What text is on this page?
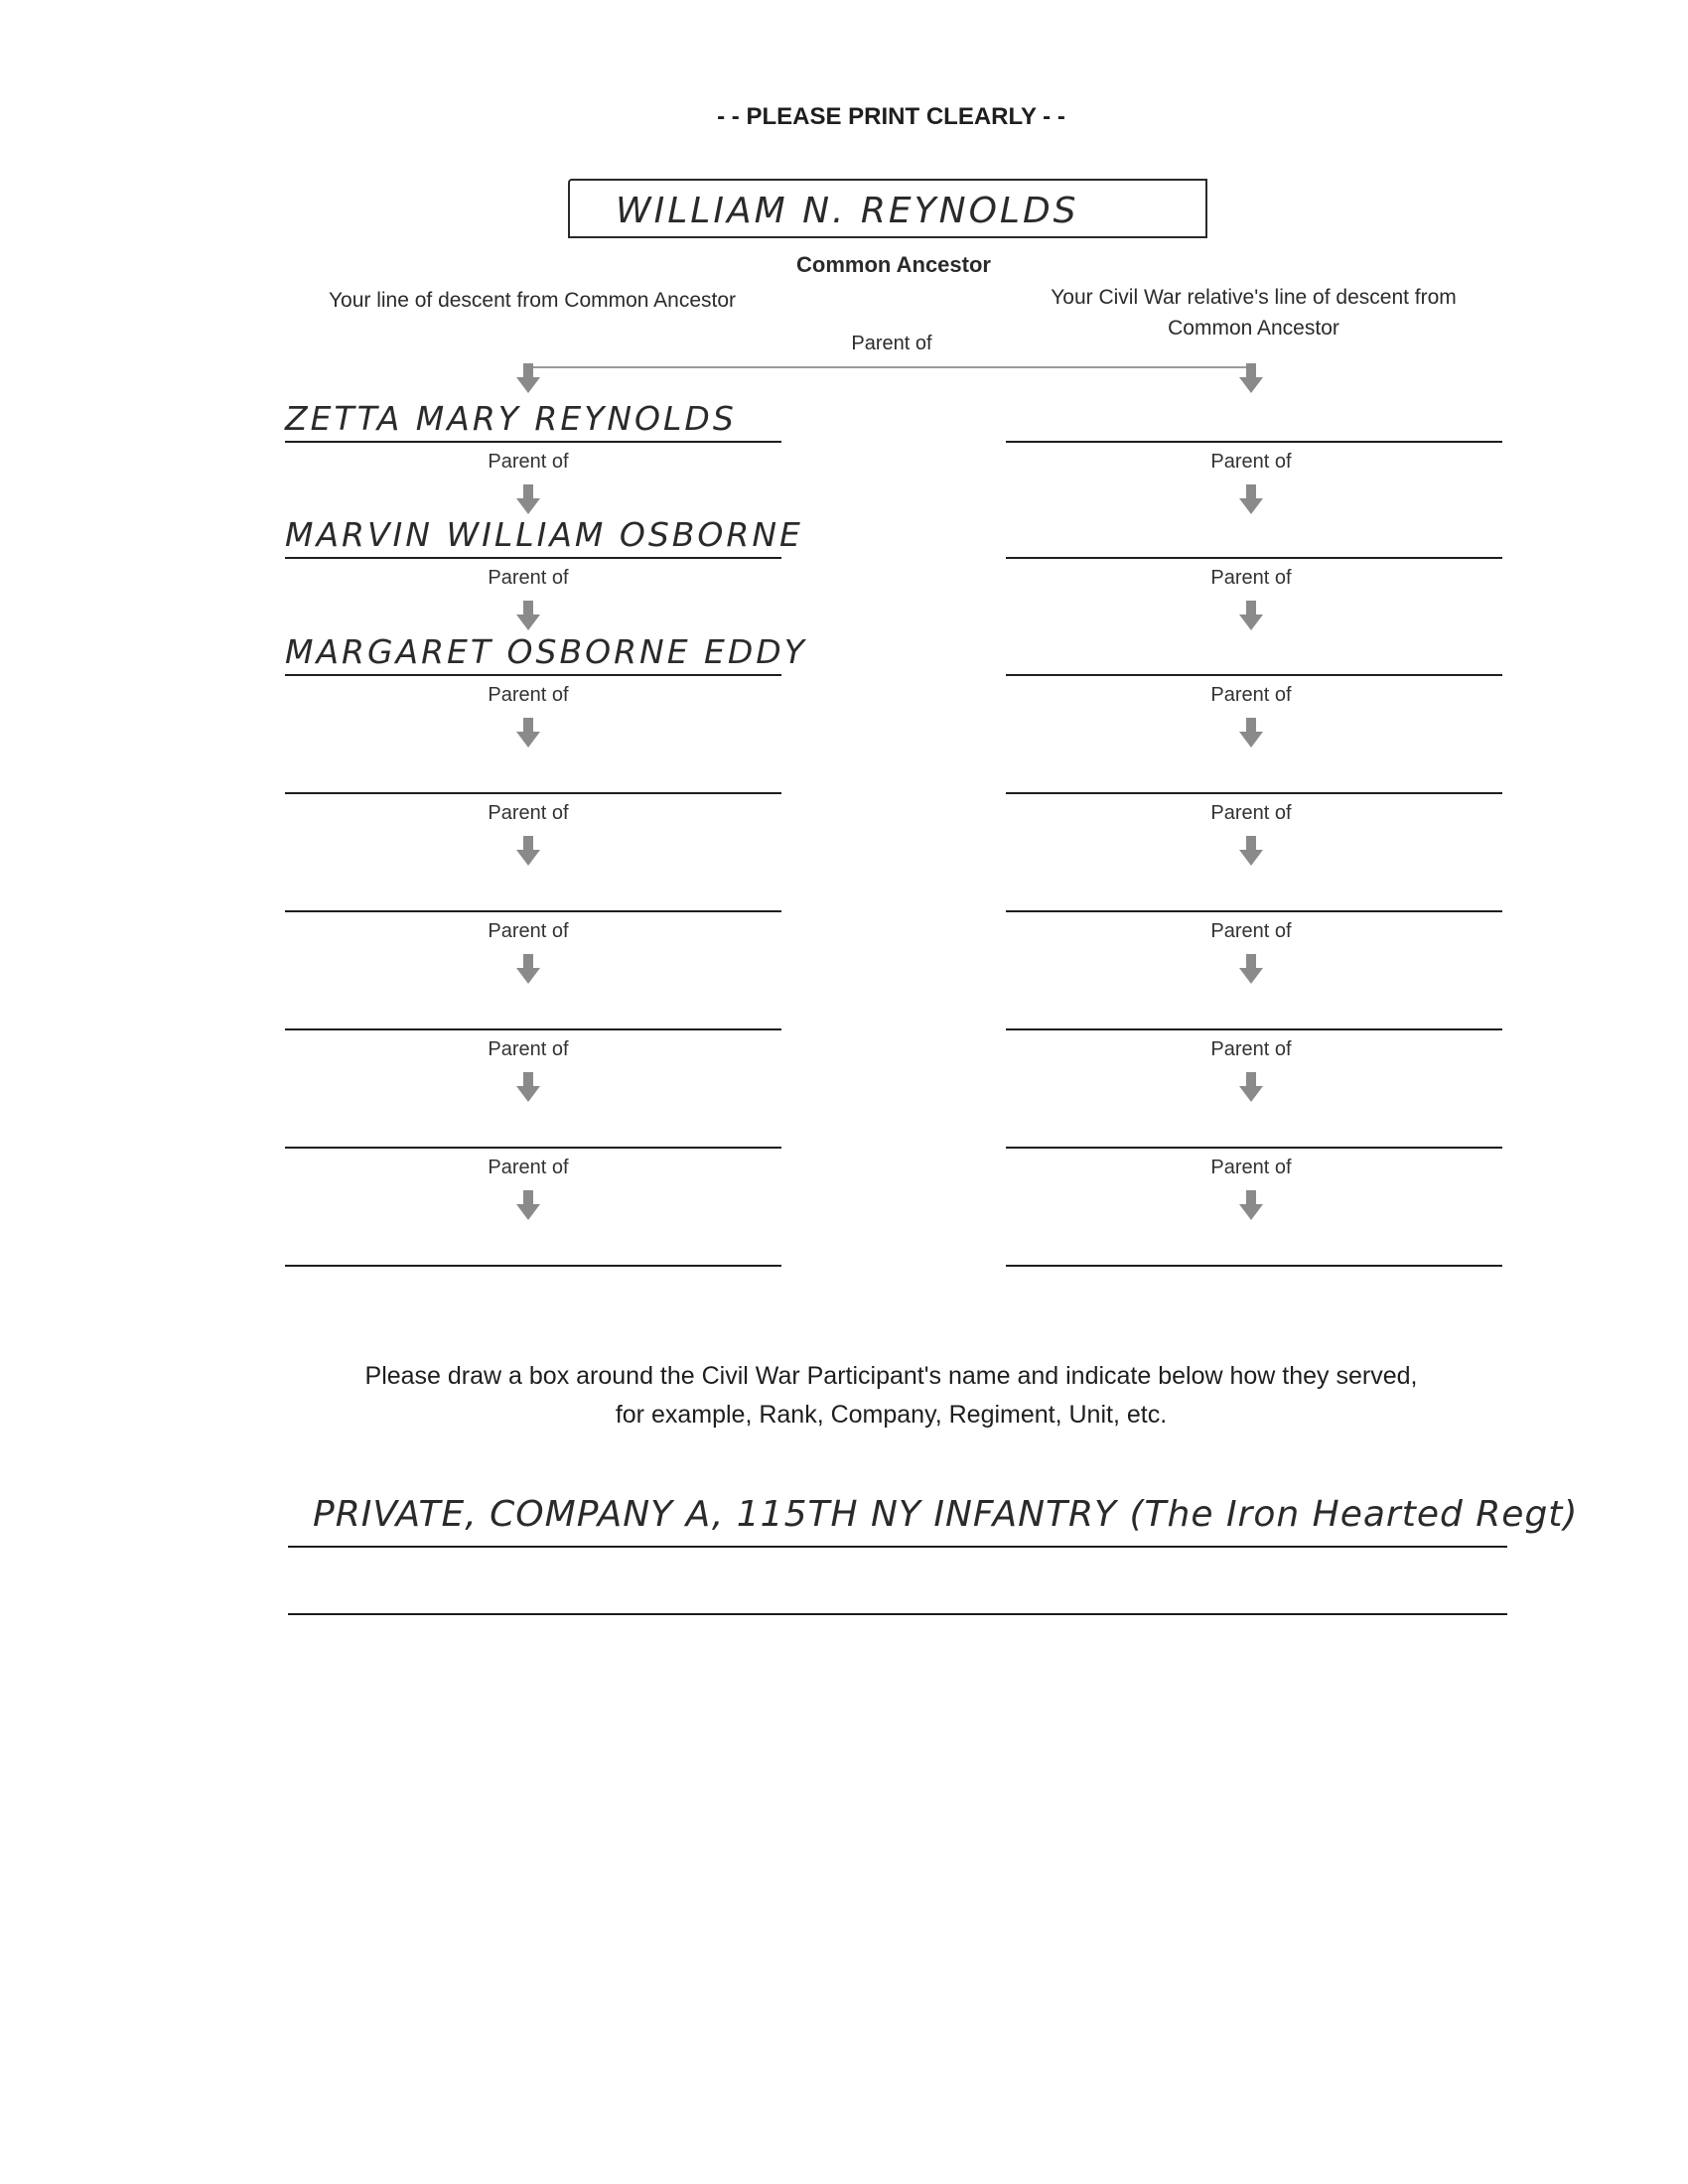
- - PLEASE PRINT CLEARLY - -
WILLIAM N. REYNOLDS
Common Ancestor
Your line of descent from Common Ancestor	Your Civil War relative's line of descent from
Common Ancestor
Parent of
ZETTA MARY REYNOLDS
Parent of
MARVIN WILLIAM OSBORNE
Parent of
MARGARET OSBORNE EDDY
Parent of
Parent of
Parent of
Parent of
Parent of
Parent of
Parent of
Parent of
Parent of
Parent of
Parent of
Parent of
Please draw a box around the Civil War Participant's name and indicate below how they served,
for example, Rank, Company, Regiment, Unit, etc.
PRIVATE, COMPANY A, 115TH NY INFANTRY (The Iron Hearted Regt)
